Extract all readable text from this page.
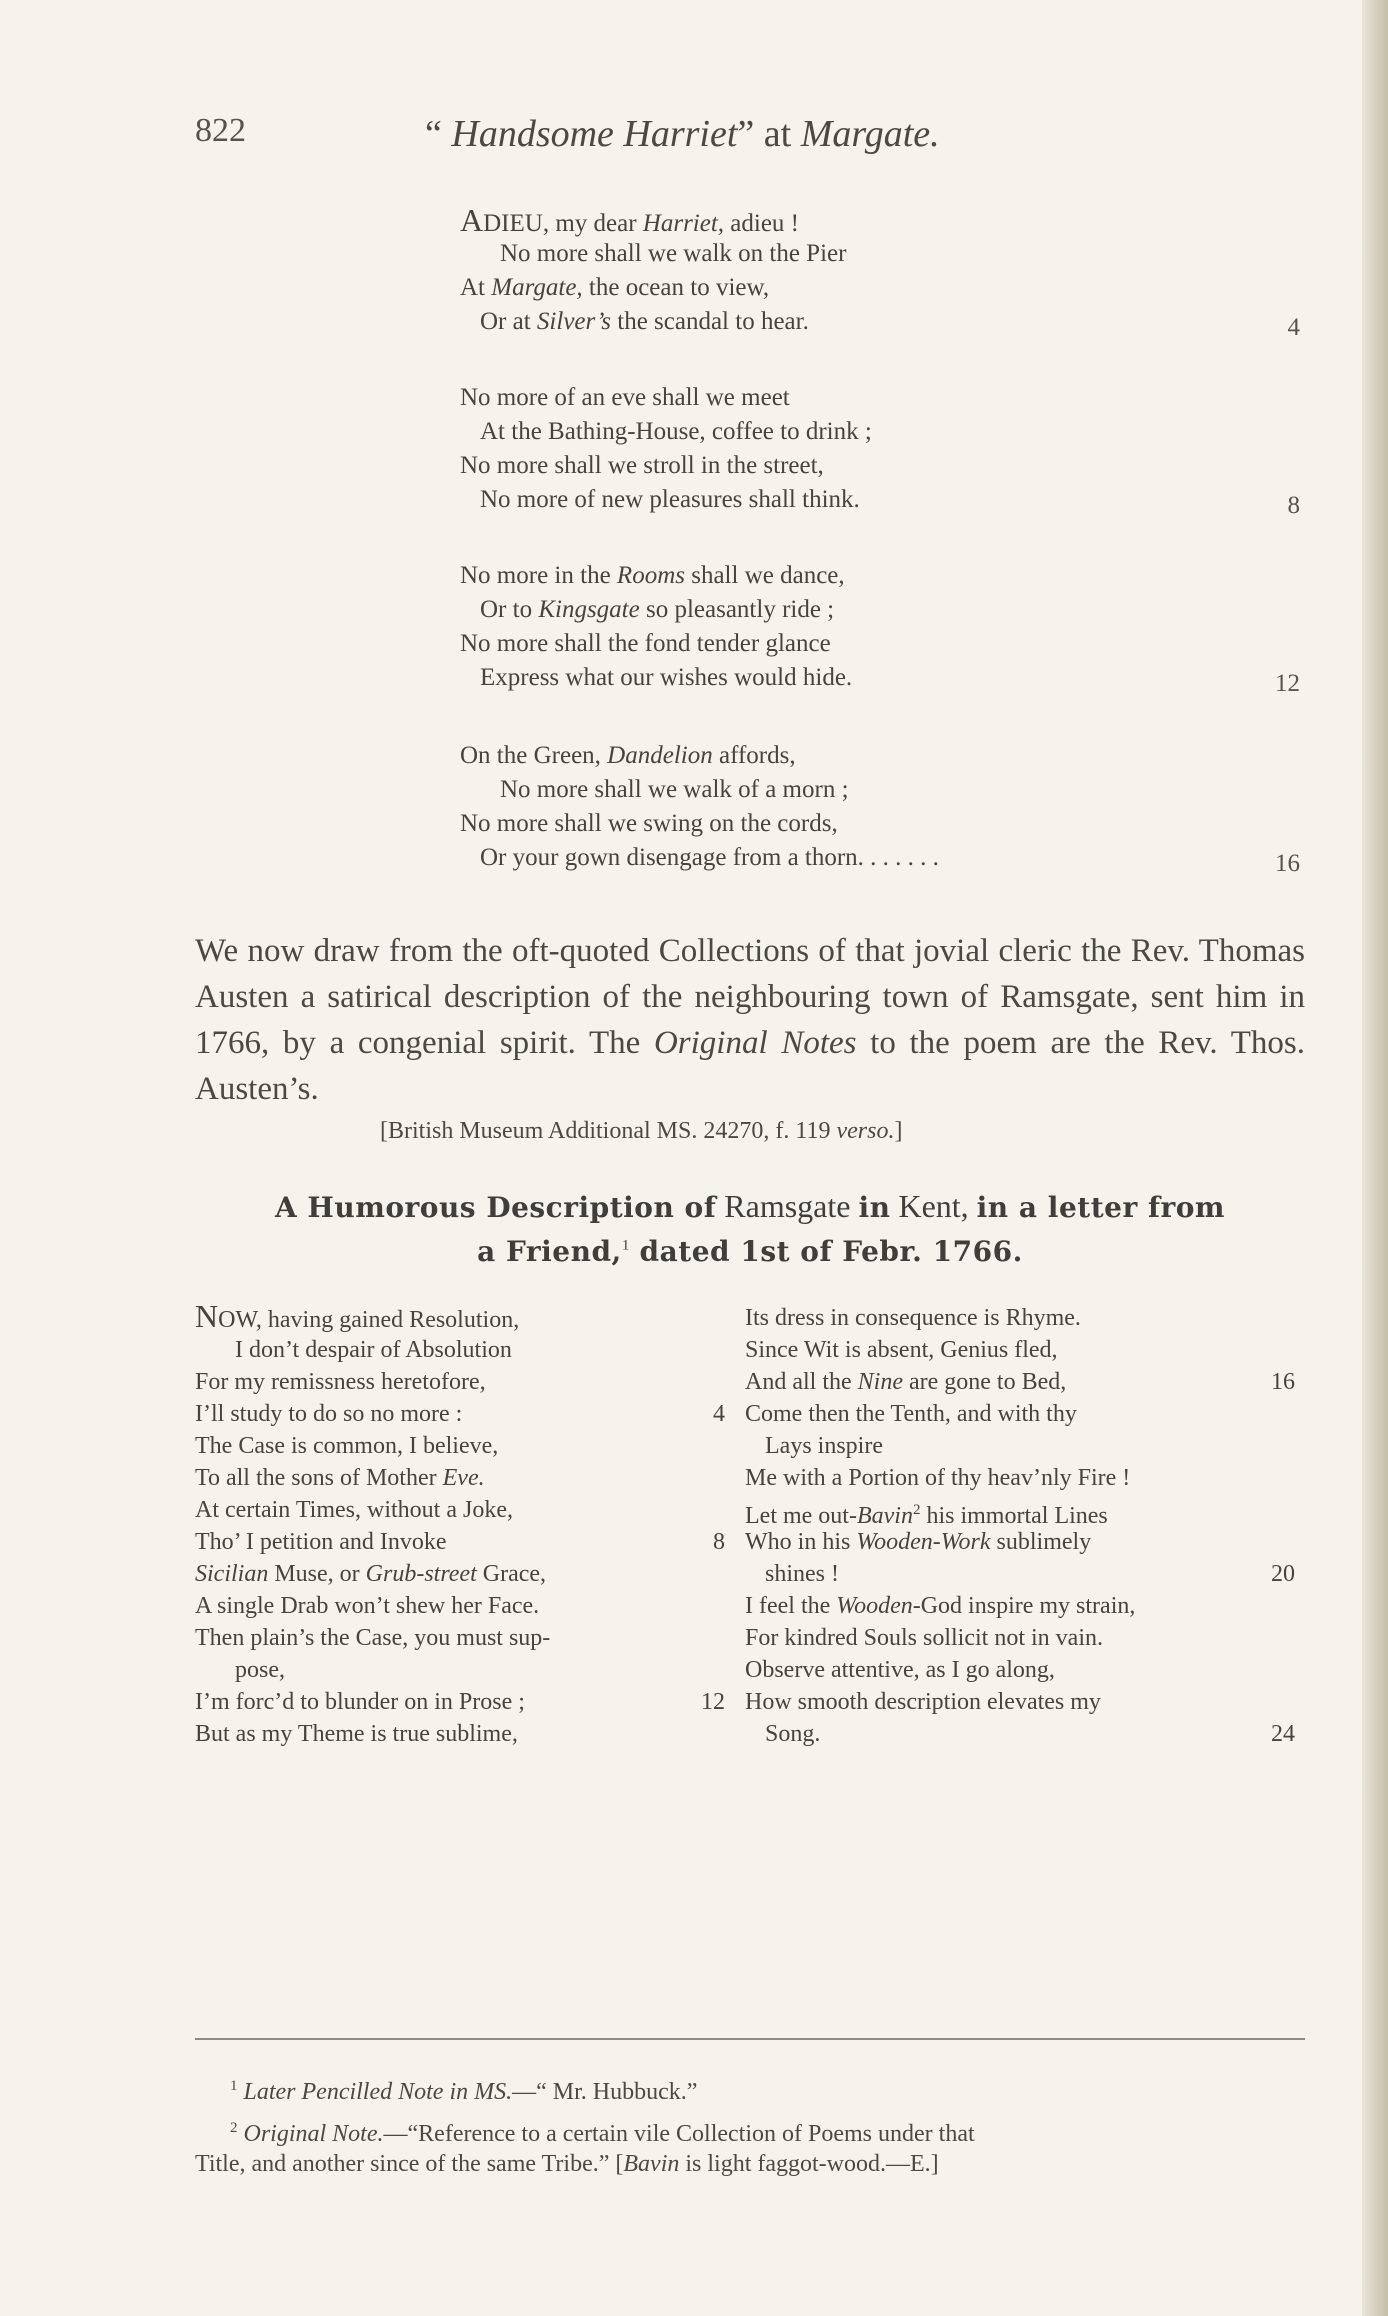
822	“ Handsome Harriet” at Margate.
ADIEU, my dear Harriet, adieu !
No more shall we walk on the Pier
At Margate, the ocean to view,
Or at Silver’s the scandal to hear.	4
No more of an eve shall we meet
At the Bathing-House, coffee to drink ;
No more shall we stroll in the street,
No more of new pleasures shall think.	8
No more in the Rooms shall we dance,
Or to Kingsgate so pleasantly ride ;
No more shall the fond tender glance
Express what our wishes would hide.	12
On the Green, Dandelion affords,
No more shall we walk of a morn ;
No more shall we swing on the cords,
Or your gown disengage from a thorn. . . . . . .	16

We now draw from the oft-quoted Collections of that jovial cleric the Rev. Thomas Austen a satirical description of the neighbouring town of Ramsgate, sent him in 1766, by a congenial spirit. The Original Notes to the poem are the Rev. Thos. Austen’s.

[British Museum Additional MS. 24270, f. 119 verso.]
A Humorous Description of Ramsgate in Kent, in a letter from
a Friend,$^1$ dated 1st of Febr. 1766.
NOW, having gained Resolution,
I don’t despair of Absolution
For my remissness heretofore,
I’ll study to do so no more :	4
The Case is common, I believe,
To all the sons of Mother Eve.
At certain Times, without a Joke,
Tho’ I petition and Invoke	8
Sicilian Muse, or Grub-street Grace,
A single Drab won’t shew her Face.
Then plain’s the Case, you must sup-
pose,
I’m forc’d to blunder on in Prose ;	12
But as my Theme is true sublime,
Its dress in consequence is Rhyme.
Since Wit is absent, Genius fled,
And all the Nine are gone to Bed,	16
Come then the Tenth, and with thy
Lays inspire
Me with a Portion of thy heav’nly Fire !
Let me out-Bavin$^2$ his immortal Lines
Who in his Wooden-Work sublimely
shines !	20
I feel the Wooden-God inspire my strain,
For kindred Souls sollicit not in vain.
Observe attentive, as I go along,
How smooth description elevates my
Song.	24
$^1$ Later Pencilled Note in MS.—“ Mr. Hubbuck.”
$^2$ Original Note.—“Reference to a certain vile Collection of Poems under that
Title, and another since of the same Tribe.” [Bavin is light faggot-wood.—E.]
